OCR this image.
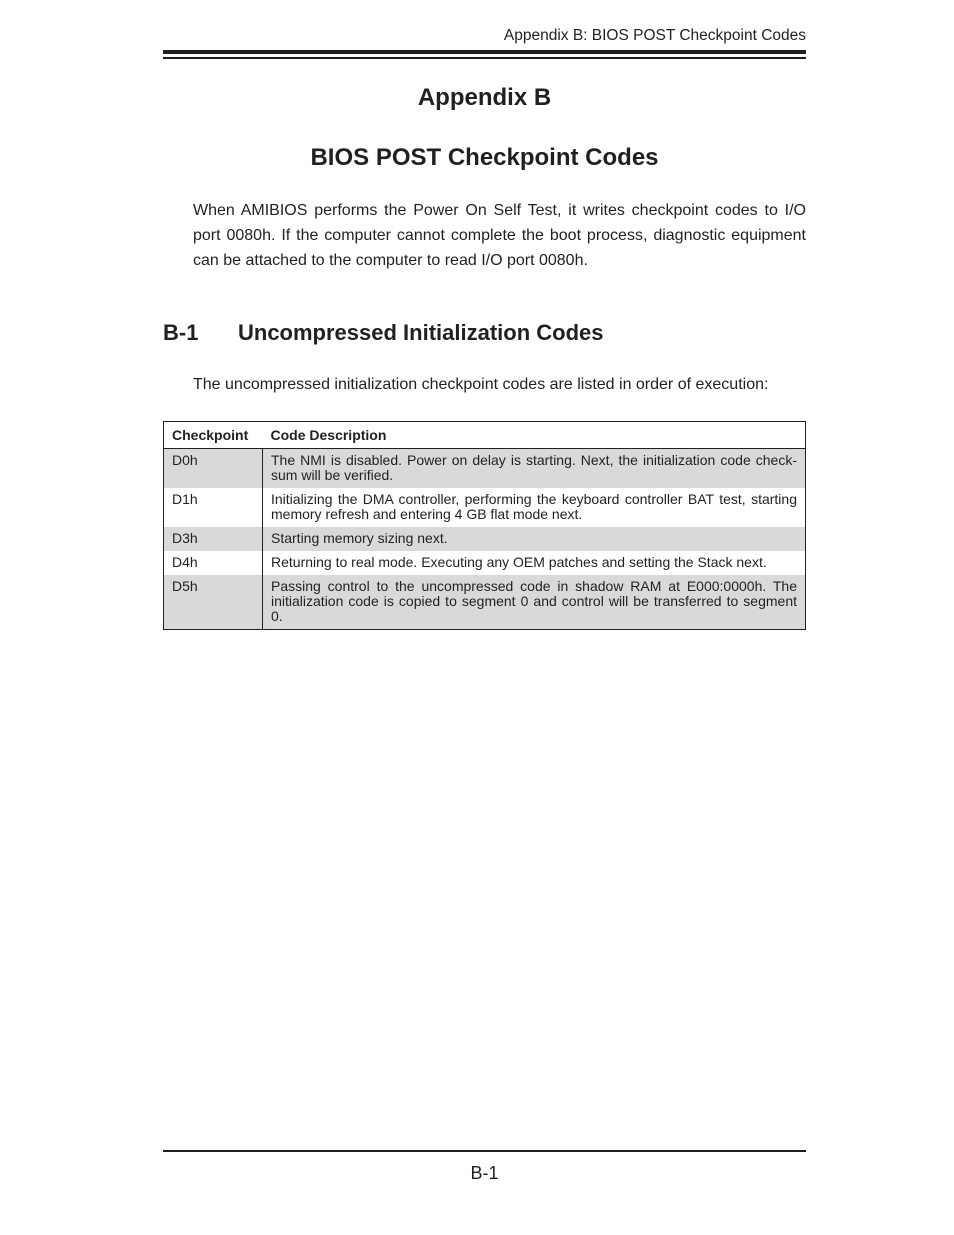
Appendix B: BIOS POST Checkpoint Codes
Appendix B
BIOS POST Checkpoint Codes

When AMIBIOS performs the Power On Self Test, it writes checkpoint codes to I/O port 0080h. If the computer cannot complete the boot process, diagnostic equipment can be attached to the computer to read I/O port 0080h.

B-1 Uncompressed Initialization Codes

The uncompressed initialization checkpoint codes are listed in order of execution:

Checkpoint	Code Description
D0h	The NMI is disabled. Power on delay is starting. Next, the initialization code check-sum will be verified.
D1h	Initializing the DMA controller, performing the keyboard controller BAT test, starting memory refresh and entering 4 GB flat mode next.
D3h	Starting memory sizing next.
D4h	Returning to real mode. Executing any OEM patches and setting the Stack next.
D5h	Passing control to the uncompressed code in shadow RAM at E000:0000h. The initialization code is copied to segment 0 and control will be transferred to segment 0.
B-1
